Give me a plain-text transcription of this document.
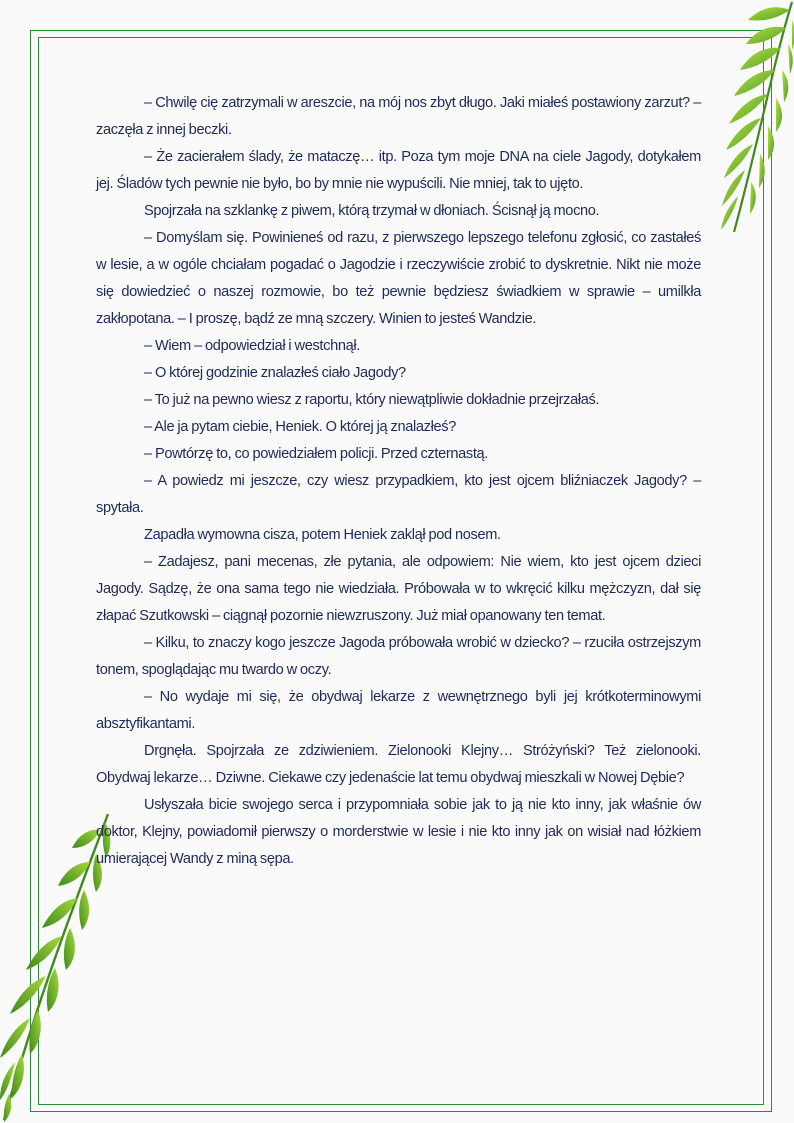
– Chwilę cię zatrzymali w areszcie, na mój nos zbyt długo. Jaki miałeś postawiony zarzut? – zaczęła z innej beczki.

– Że zacierałem ślady, że mataczę… itp. Poza tym moje DNA na ciele Jagody, dotykałem jej. Śladów tych pewnie nie było, bo by mnie nie wypuścili. Nie mniej, tak to ujęto.

Spojrzała na szklankę z piwem, którą trzymał w dłoniach. Ścisnął ją mocno.

– Domyślam się. Powinieneś od razu, z pierwszego lepszego telefonu zgłosić, co zastałeś w lesie, a w ogóle chciałam pogadać o Jagodzie i rzeczywiście zrobić to dyskretnie. Nikt nie może się dowiedzieć o naszej rozmowie, bo też pewnie będziesz świadkiem w sprawie – umilkła zakłopotana. – I proszę, bądź ze mną szczery. Winien to jesteś Wandzie.

– Wiem – odpowiedział i westchnął.

– O której godzinie znalazłeś ciało Jagody?

– To już na pewno wiesz z raportu, który niewątpliwie dokładnie przejrzałaś.

– Ale ja pytam ciebie, Heniek. O której ją znalazłeś?

– Powtórzę to, co powiedziałem policji. Przed czternastą.

– A powiedz mi jeszcze, czy wiesz przypadkiem, kto jest ojcem bliźniaczek Jagody? – spytała.

Zapadła wymowna cisza, potem Heniek zaklął pod nosem.

– Zadajesz, pani mecenas, złe pytania, ale odpowiem: Nie wiem, kto jest ojcem dzieci Jagody. Sądzę, że ona sama tego nie wiedziała. Próbowała w to wkręcić kilku mężczyzn, dał się złapać Szutkowski – ciągnął pozornie niewzruszony. Już miał opanowany ten temat.

– Kilku, to znaczy kogo jeszcze Jagoda próbowała wrobić w dziecko? – rzuciła ostrzejszym tonem, spoglądając mu twardo w oczy.

– No wydaje mi się, że obydwaj lekarze z wewnętrznego byli jej krótkoterminowymi absztyfikantami.

Drgnęła. Spojrzała ze zdziwieniem. Zielonooki Klejny… Stróżyński? Też zielonooki. Obydwaj lekarze… Dziwne. Ciekawe czy jedenaście lat temu obydwaj mieszkali w Nowej Dębie?

Usłyszała bicie swojego serca i przypomniała sobie jak to ją nie kto inny, jak właśnie ów doktor, Klejny, powiadomił pierwszy o morderstwie w lesie i nie kto inny jak on wisiał nad łóżkiem umierającej Wandy z miną sępa.
